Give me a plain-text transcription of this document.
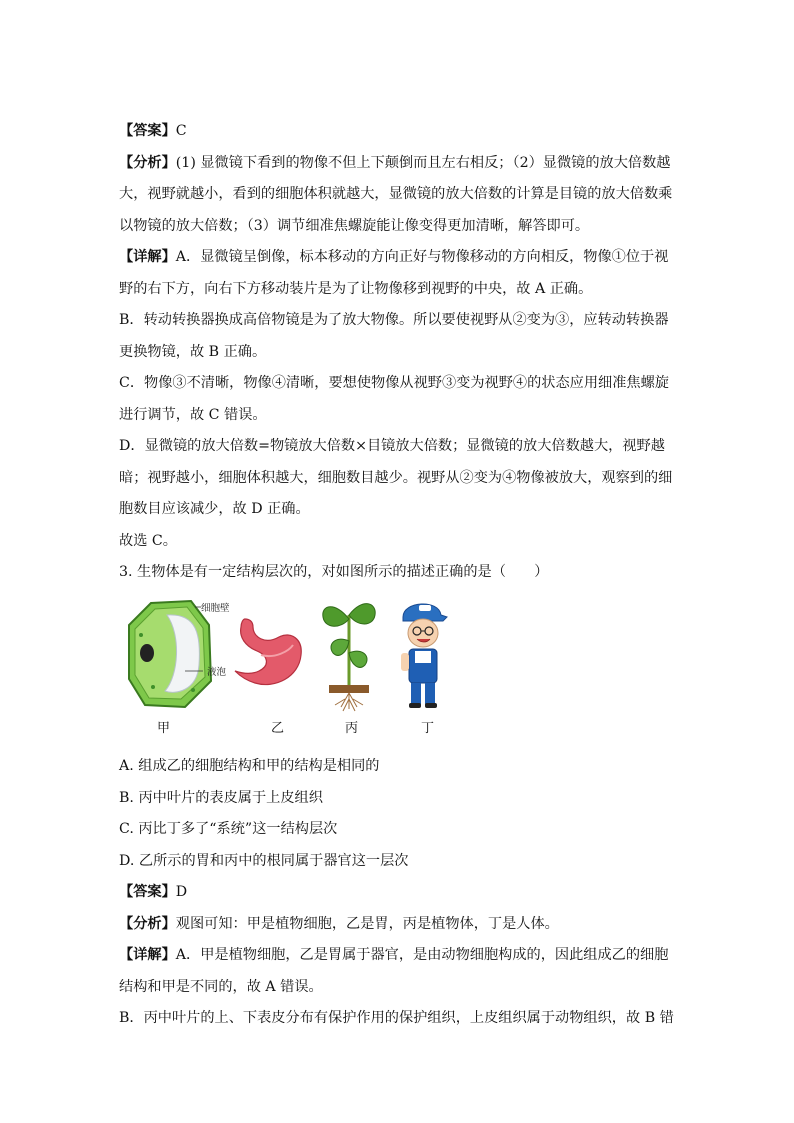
【答案】C
【分析】(1) 显微镜下看到的物像不但上下颠倒而且左右相反；（2）显微镜的放大倍数越
大，视野就越小，看到的细胞体积就越大，显微镜的放大倍数的计算是目镜的放大倍数乘
以物镜的放大倍数；（3）调节细准焦螺旋能让像变得更加清晰，解答即可。
【详解】A．显微镜呈倒像，标本移动的方向正好与物像移动的方向相反，物像①位于视
野的右下方，向右下方移动装片是为了让物像移到视野的中央，故 A 正确。
B．转动转换器换成高倍物镜是为了放大物像。所以要使视野从②变为③，应转动转换器
更换物镜，故 B 正确。
C．物像③不清晰，物像④清晰，要想使物像从视野③变为视野④的状态应用细准焦螺旋
进行调节，故 C 错误。
D．显微镜的放大倍数=物镜放大倍数×目镜放大倍数；显微镜的放大倍数越大，视野越
暗；视野越小，细胞体积越大，细胞数目越少。视野从②变为④物像被放大，观察到的细
胞数目应该减少，故 D 正确。
故选 C。
3. 生物体是有一定结构层次的，对如图所示的描述正确的是（　　）
细胞壁
液泡
甲	乙	丙	丁
A. 组成乙的细胞结构和甲的结构是相同的
B. 丙中叶片的表皮属于上皮组织
C. 丙比丁多了“系统”这一结构层次
D. 乙所示的胃和丙中的根同属于器官这一层次
【答案】D
【分析】观图可知：甲是植物细胞，乙是胃，丙是植物体，丁是人体。
【详解】A．甲是植物细胞，乙是胃属于器官，是由动物细胞构成的，因此组成乙的细胞
结构和甲是不同的，故 A 错误。
B．丙中叶片的上、下表皮分布有保护作用的保护组织，上皮组织属于动物组织，故 B 错
